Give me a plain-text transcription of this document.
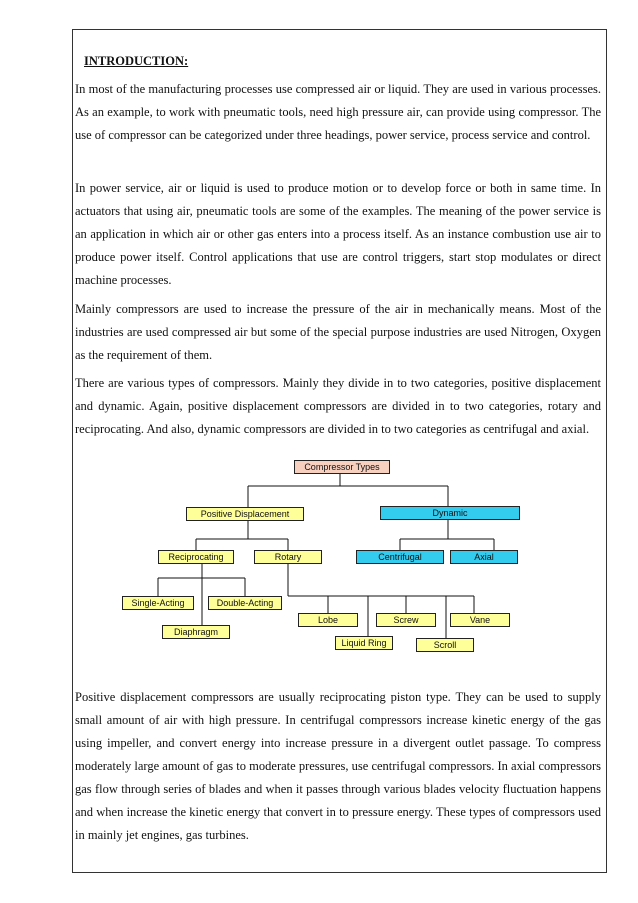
INTRODUCTION:

In most of the manufacturing processes use compressed air or liquid. They are used in various processes. As an example, to work with pneumatic tools, need high pressure air, can provide using compressor. The use of compressor can be categorized under three headings, power service, process service and control.

In power service, air or liquid is used to produce motion or to develop force or both in same time. In actuators that using air, pneumatic tools are some of the examples. The meaning of the power service is an application in which air or other gas enters into a process itself. As an instance combustion use air to produce power itself. Control applications that use are control triggers, start stop modulates or direct machine processes.

Mainly compressors are used to increase the pressure of the air in mechanically means. Most of the industries are used compressed air but some of the special purpose industries are used Nitrogen, Oxygen as the requirement of them.

There are various types of compressors. Mainly they divide in to two categories, positive displacement and dynamic. Again, positive displacement compressors are divided in to two categories, rotary and reciprocating. And also, dynamic compressors are divided in to two categories as centrifugal and axial.

Compressor Types
Positive Displacement	Dynamic
Reciprocating	Rotary	Centrifugal	Axial
Single-Acting	Double-Acting
Diaphragm
Lobe
Liquid Ring
Screw
Scroll
Vane

Positive displacement compressors are usually reciprocating piston type. They can be used to supply small amount of air with high pressure. In centrifugal compressors increase kinetic energy of the gas using impeller, and convert energy into increase pressure in a divergent outlet passage. To compress moderately large amount of gas to moderate pressures, use centrifugal compressors. In axial compressors gas flow through series of blades and when it passes through various blades velocity fluctuation happens and when increase the kinetic energy that convert in to pressure energy. These types of compressors used in mainly jet engines, gas turbines.
